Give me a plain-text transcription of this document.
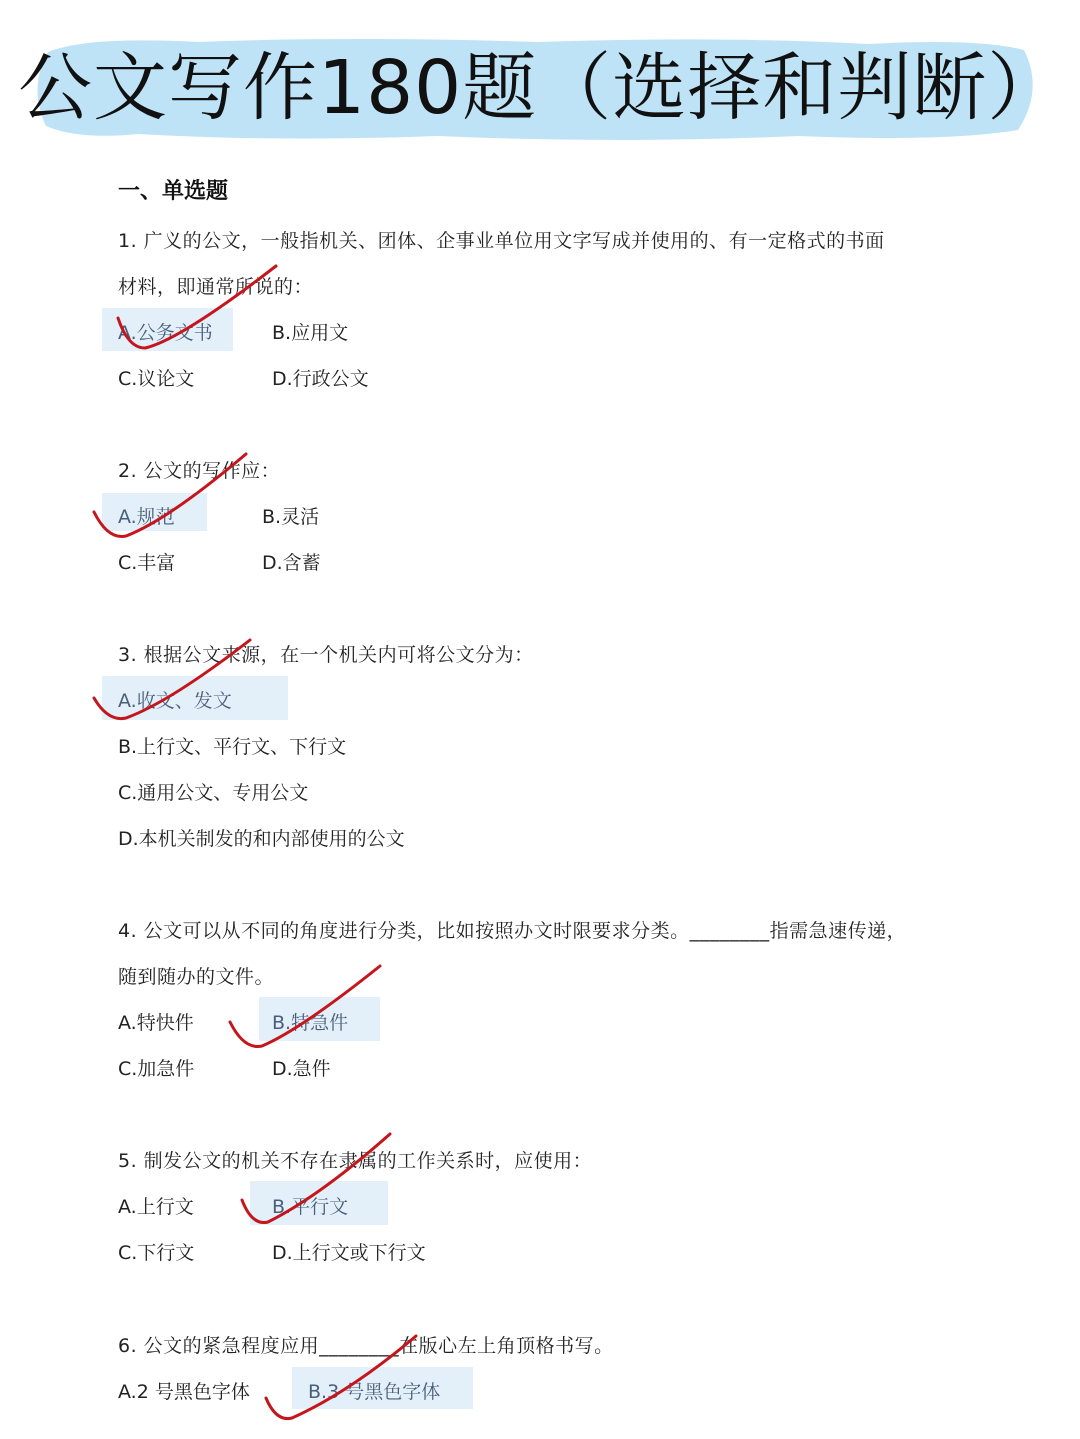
公文写作180题（选择和判断）
一、单选题
1. 广义的公文，一般指机关、团体、企事业单位用文字写成并使用的、有一定格式的书面
材料，即通常所说的：
A.公务文书	B.应用文
C.议论文	D.行政公文
2. 公文的写作应：
A.规范	B.灵活
C.丰富	D.含蓄
3. 根据公文来源，在一个机关内可将公文分为：
A.收文、发文
B.上行文、平行文、下行文
C.通用公文、专用公文
D.本机关制发的和内部使用的公文
4. 公文可以从不同的角度进行分类，比如按照办文时限要求分类。________指需急速传递，
随到随办的文件。
A.特快件	B.特急件
C.加急件	D.急件
5. 制发公文的机关不存在隶属的工作关系时，应使用：
A.上行文	B.平行文
C.下行文	D.上行文或下行文
6. 公文的紧急程度应用________在版心左上角顶格书写。
A.2 号黑色字体	B.3 号黑色字体
